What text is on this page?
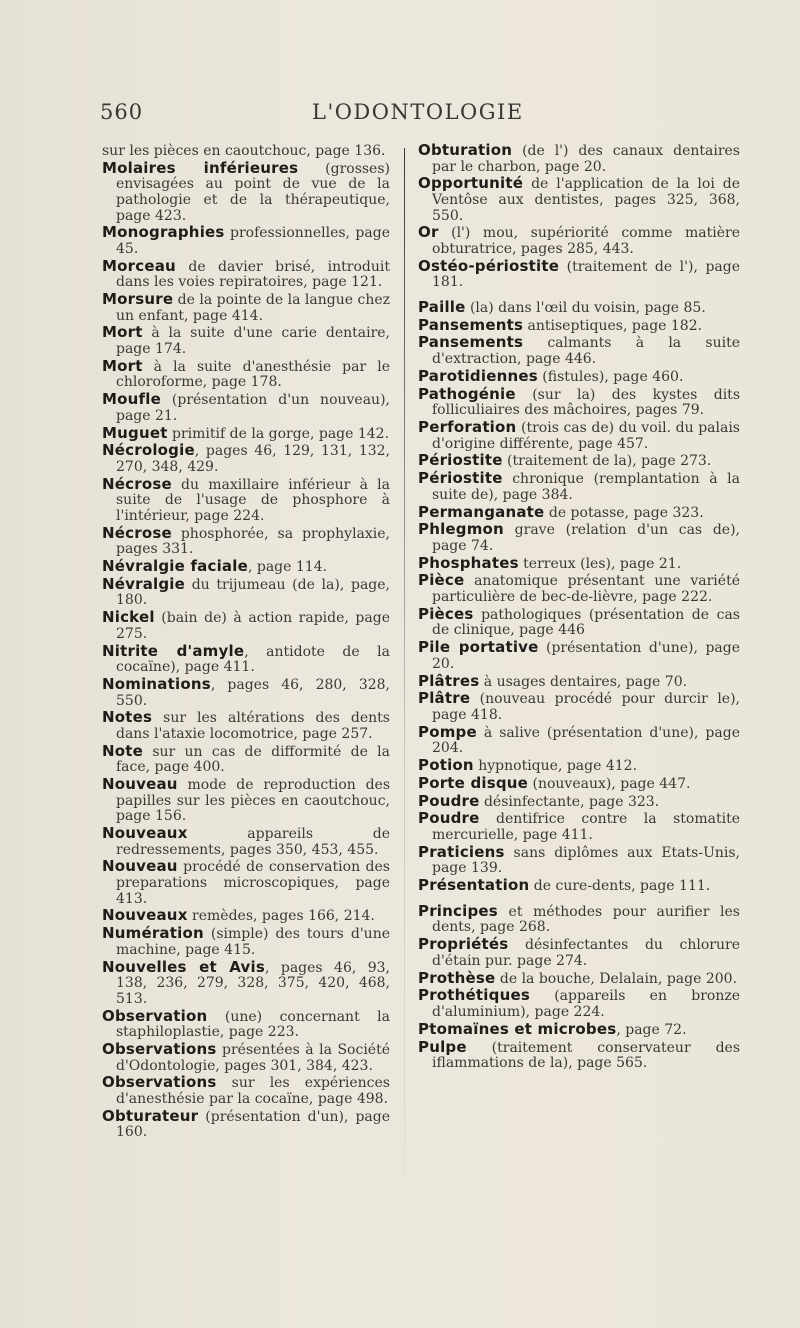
560	L'ODONTOLOGIE

sur les pièces en caoutchouc, page 136.

Molaires inférieures (grosses) envisagées au point de vue de la pathologie et de la thérapeutique, page 423.

Monographies professionnelles, page 45.

Morceau de davier brisé, introduit dans les voies repiratoires, page 121.

Morsure de la pointe de la langue chez un enfant, page 414.

Mort à la suite d'une carie dentaire, page 174.

Mort à la suite d'anesthésie par le chloroforme, page 178.

Moufle (présentation d'un nouveau), page 21.

Muguet primitif de la gorge, page 142.

Nécrologie, pages 46, 129, 131, 132, 270, 348, 429.

Nécrose du maxillaire inférieur à la suite de l'usage de phosphore à l'intérieur, page 224.

Nécrose phosphorée, sa prophylaxie, pages 331.

Névralgie faciale, page 114.

Névralgie du trijumeau (de la), page, 180.

Nickel (bain de) à action rapide, page 275.

Nitrite d'amyle, antidote de la cocaïne), page 411.

Nominations, pages 46, 280, 328, 550.

Notes sur les altérations des dents dans l'ataxie locomotrice, page 257.

Note sur un cas de difformité de la face, page 400.

Nouveau mode de reproduction des papilles sur les pièces en caoutchouc, page 156.

Nouveaux appareils de redressements, pages 350, 453, 455.

Nouveau procédé de conservation des preparations microscopiques, page 413.

Nouveaux remèdes, pages 166, 214.

Numération (simple) des tours d'une machine, page 415.

Nouvelles et Avis, pages 46, 93, 138, 236, 279, 328, 375, 420, 468, 513.

Observation (une) concernant la staphiloplastie, page 223.

Observations présentées à la Société d'Odontologie, pages 301, 384, 423.

Observations sur les expériences d'anesthésie par la cocaïne, page 498.

Obturateur (présentation d'un), page 160.

Obturation (de l') des canaux dentaires par le charbon, page 20.

Opportunité de l'application de la loi de Ventôse aux dentistes, pages 325, 368, 550.

Or (l') mou, supériorité comme matière obturatrice, pages 285, 443.

Ostéo-périostite (traitement de l'), page 181.

Paille (la) dans l'œil du voisin, page 85.

Pansements antiseptiques, page 182.

Pansements calmants à la suite d'extraction, page 446.

Parotidiennes (fistules), page 460.

Pathogénie (sur la) des kystes dits folliculiaires des mâchoires, pages 79.

Perforation (trois cas de) du voil. du palais d'origine différente, page 457.

Périostite (traitement de la), page 273.

Périostite chronique (remplantation à la suite de), page 384.

Permanganate de potasse, page 323.

Phlegmon grave (relation d'un cas de), page 74.

Phosphates terreux (les), page 21.

Pièce anatomique présentant une variété particulière de bec-de-lièvre, page 222.

Pièces pathologiques (présentation de cas de clinique, page 446

Pile portative (présentation d'une), page 20.

Plâtres à usages dentaires, page 70.

Plâtre (nouveau procédé pour durcir le), page 418.

Pompe à salive (présentation d'une), page 204.

Potion hypnotique, page 412.

Porte disque (nouveaux), page 447.

Poudre désinfectante, page 323.

Poudre dentifrice contre la stomatite mercurielle, page 411.

Praticiens sans diplômes aux Etats-Unis, page 139.

Présentation de cure-dents, page 111.

Principes et méthodes pour aurifier les dents, page 268.

Propriétés désinfectantes du chlorure d'étain pur. page 274.

Prothèse de la bouche, Delalain, page 200.

Prothétiques (appareils en bronze d'aluminium), page 224.

Ptomaïnes et microbes, page 72.

Pulpe (traitement conservateur des iflammations de la), page 565.
